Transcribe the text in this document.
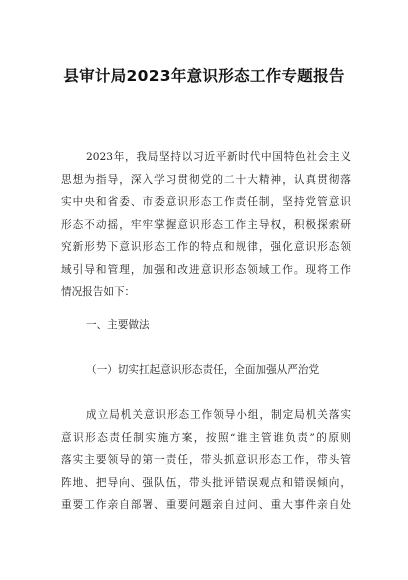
县审计局2023年意识形态工作专题报告
2023年，我局坚持以习近平新时代中国特色社会主义
思想为指导，深入学习贯彻党的二十大精神，认真贯彻落
实中央和省委、市委意识形态工作责任制，坚持党管意识
形态不动摇，牢牢掌握意识形态工作主导权，积极探索研
究新形势下意识形态工作的特点和规律，强化意识形态领
域引导和管理，加强和改进意识形态领域工作。现将工作
情况报告如下：
一、主要做法
（一）切实扛起意识形态责任，全面加强从严治党
成立局机关意识形态工作领导小组，制定局机关落实
意识形态责任制实施方案，按照“谁主管谁负责”的原则
落实主要领导的第一责任，带头抓意识形态工作，带头管
阵地、把导向、强队伍，带头批评错误观点和错误倾向，
重要工作亲自部署、重要问题亲自过问、重大事件亲自处
